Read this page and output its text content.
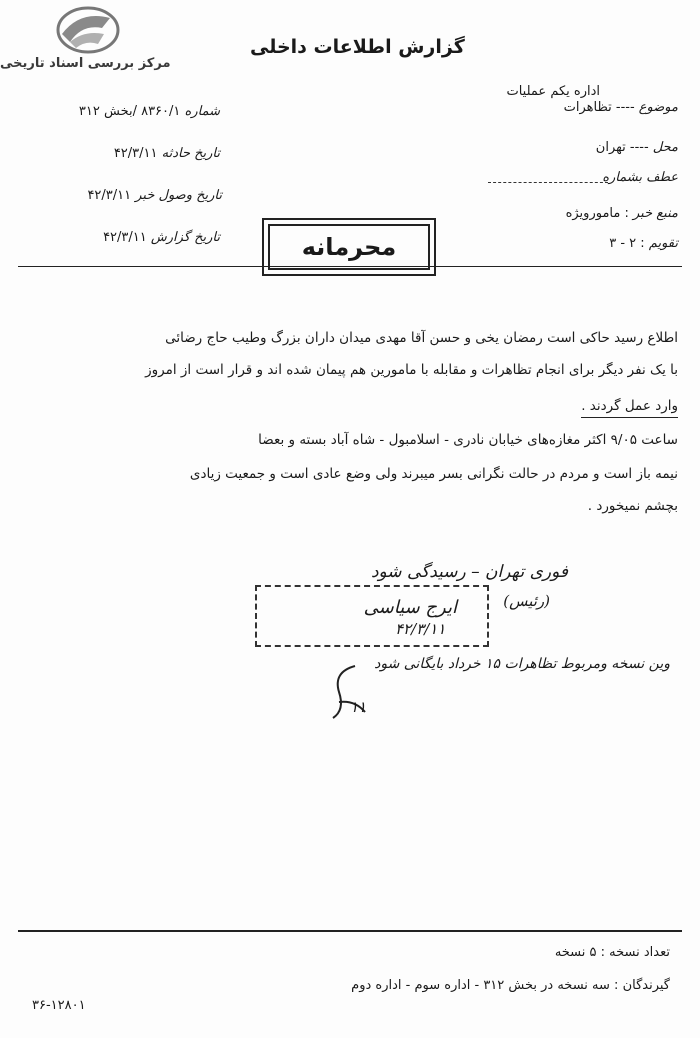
مرکز بررسی اسناد تاریخی
گزارش اطلاعات داخلی
اداره یکم عملیات
شماره ۸۳۶۰/۱ /بخش ۳۱۲
تاریخ حادثه ۴۲/۳/۱۱
تاریخ وصول خبر ۴۲/۳/۱۱
تاریخ گزارش ۴۲/۳/۱۱
موضوع ---- تظاهرات
محل ---- تهران
عطف بشماره
منبع خبر : مامورویژه
تقویم : ۲ - ۳
محرمانه
اطلاع رسید حاکی است رمضان یخی و حسن آقا مهدی میدان داران بزرگ وطیب حاج رضائی
با یک نفر دیگر برای انجام تظاهرات و مقابله با مامورین هم پیمان شده اند و قرار است از امروز
وارد عمل گردند .
ساعت ۹/۰۵ اکثر مغازه‌های خیابان نادری - اسلامبول - شاه آباد بسته و بعضا
نیمه باز است و مردم در حالت نگرانی بسر میبرند ولی وضع عادی است و جمعیت زیادی
بچشم نمیخورد .
فوری تهران – رسیدگی شود
(رئیس)
ایرج سیاسی
۴۲/۳/۱۱
وین نسخه ومربوط تظاهرات ۱۵ خرداد بایگانی شود
۱۱
تعداد نسخه : ۵ نسخه
گیرندگان : سه نسخه در بخش ۳۱۲ - اداره سوم - اداره دوم
۳۶-۱۲۸۰۱
